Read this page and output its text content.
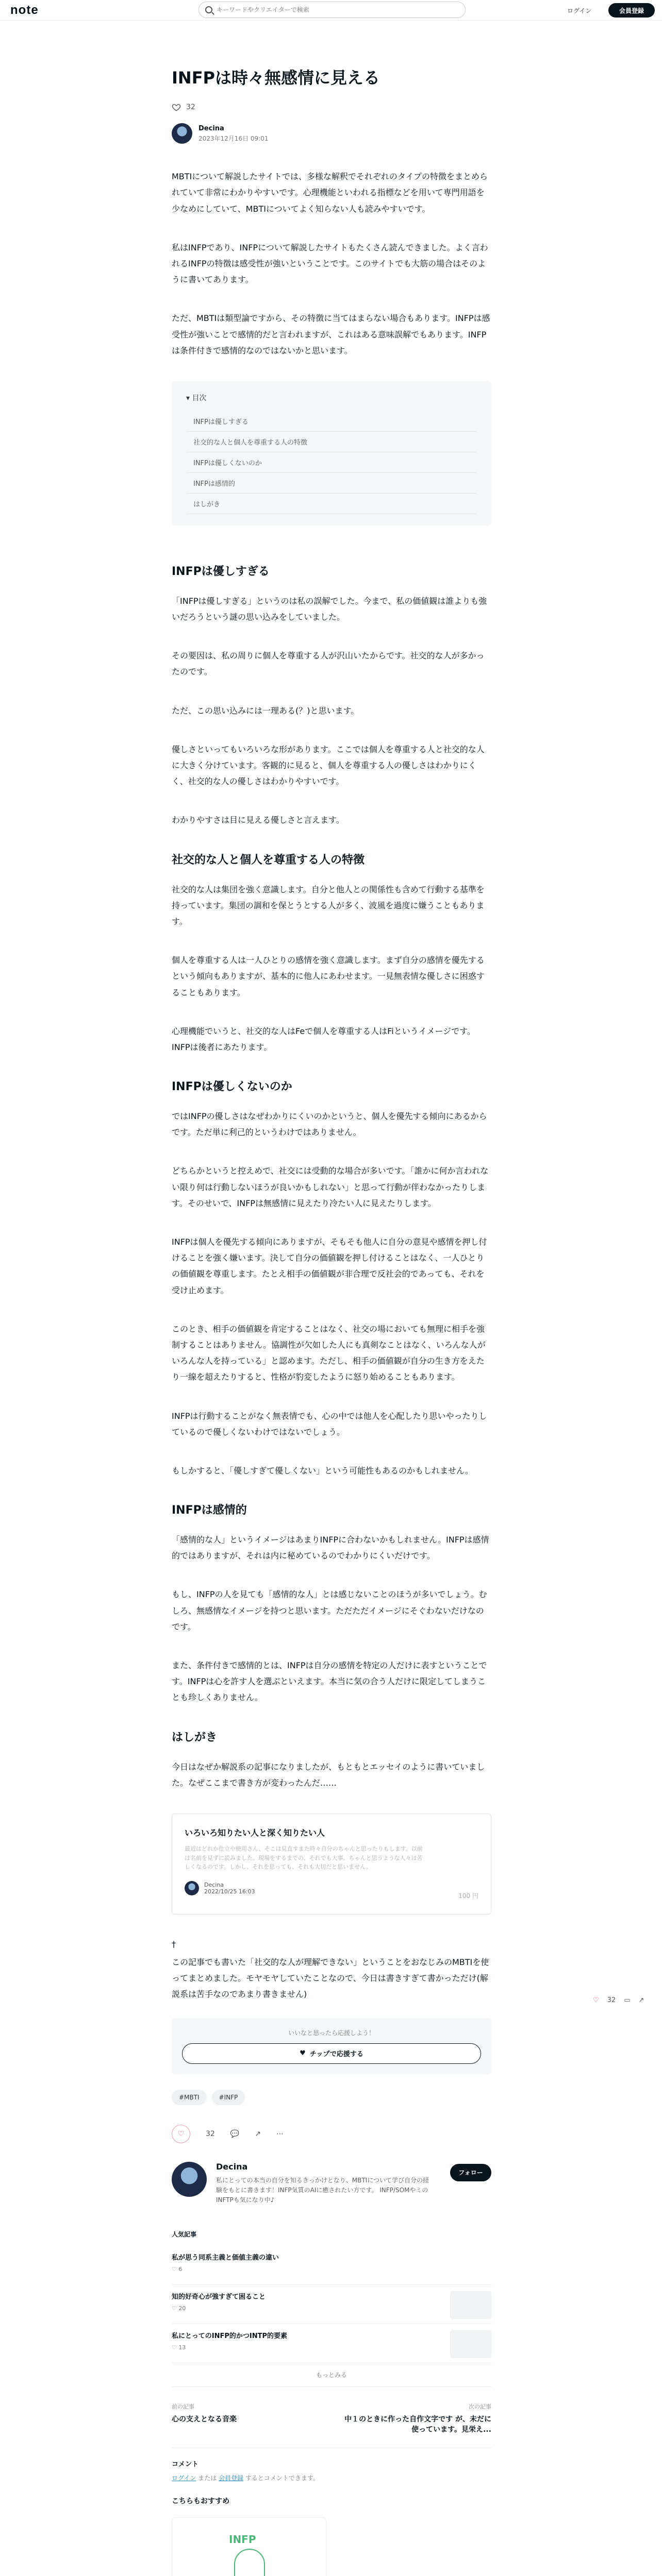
note
キーワードやクリエイターで検索	ログイン	会員登録
INFPは時々無感情に見える
32
Decina
2023年12月16日 09:01

MBTIについて解説したサイトでは、多様な解釈でそれぞれのタイプの特徴をまとめられていて非常にわかりやすいです。心理機能といわれる指標などを用いて専門用語を少なめにしていて、MBTIについてよく知らない人も読みやすいです。

私はINFPであり、INFPについて解説したサイトもたくさん読んできました。よく言われるINFPの特徴は感受性が強いということです。このサイトでも大筋の場合はそのように書いてあります。

ただ、MBTIは類型論ですから、その特徴に当てはまらない場合もあります。INFPは感受性が強いことで感情的だと言われますが、これはある意味誤解でもあります。INFPは条件付きで感情的なのではないかと思います。

▾ 目次
INFPは優しすぎる
社交的な人と個人を尊重する人の特徴
INFPは優しくないのか
INFPは感情的
はしがき
INFPは優しすぎる

「INFPは優しすぎる」というのは私の誤解でした。今まで、私の価値観は誰よりも強いだろうという謎の思い込みをしていました。

その要因は、私の周りに個人を尊重する人が沢山いたからです。社交的な人が多かったのです。

ただ、この思い込みには一理ある(？)と思います。

優しさといってもいろいろな形があります。ここでは個人を尊重する人と社交的な人に大きく分けています。客観的に見ると、個人を尊重する人の優しさはわかりにくく、社交的な人の優しさはわかりやすいです。

わかりやすさは目に見える優しさと言えます。

社交的な人と個人を尊重する人の特徴

社交的な人は集団を強く意識します。自分と他人との関係性も含めて行動する基準を持っています。集団の調和を保とうとする人が多く、波風を過度に嫌うこともあります。

個人を尊重する人は一人ひとりの感情を強く意識します。まず自分の感情を優先するという傾向もありますが、基本的に他人にあわせます。一見無表情な優しさに困惑することもあります。

心理機能でいうと、社交的な人はFeで個人を尊重する人はFiというイメージです。INFPは後者にあたります。

INFPは優しくないのか

ではINFPの優しさはなぜわかりにくいのかというと、個人を優先する傾向にあるからです。ただ単に利己的というわけではありません。

どちらかというと控えめで、社交には受動的な場合が多いです。「誰かに何か言われない限り何は行動しないほうが良いかもしれない」と思って行動が伴わなかったりします。そのせいで、INFPは無感情に見えたり冷たい人に見えたりします。

INFPは個人を優先する傾向にありますが、そもそも他人に自分の意見や感情を押し付けることを強く嫌います。決して自分の価値観を押し付けることはなく、一人ひとりの価値観を尊重します。たとえ相手の価値観が非合理で反社会的であっても、それを受け止めます。

このとき、相手の価値観を肯定することはなく、社交の場においても無理に相手を強制することはありません。協調性が欠如した人にも真剣なことはなく、いろんな人がいろんな人を持っている」と認めます。ただし、相手の価値観が自分の生き方をえたり一線を超えたりすると、性格が豹変したように怒り始めることもあります。

INFPは行動することがなく無表情でも、心の中では他人を心配したり思いやったりしているので優しくないわけではないでしょう。

もしかすると、「優しすぎて優しくない」という可能性もあるのかもしれません。

INFPは感情的

「感情的な人」というイメージはあまりINFPに合わないかもしれません。INFPは感情的ではありますが、それは内に秘めているのでわかりにくいだけです。

もし、INFPの人を見ても「感情的な人」とは感じないことのほうが多いでしょう。むしろ、無感情なイメージを持つと思います。ただただイメージにそぐわないだけなのです。

また、条件付きで感情的とは、INFPは自分の感情を特定の人だけに表すということです。INFPは心を許す人を選ぶといえます。本当に気の合う人だけに限定してしまうことも珍しくありません。

はしがき

今日はなぜか解説系の記事になりましたが、もともとエッセイのように書いていました。なぜここまで書き方が変わったんだ……

いろいろ知りたい人と深く知りたい人
最近はどれか仕立や使用さん、そこは見直すまた時々自分のちゃんと思ったりもします。以前は名前を見ずに読みました。現場をするまでの、それでも大事。ちゃんと思うような人々は苦しくなるのです。しかし、それを思っても、それも大切だと思いません。
Decina
2022/10/25 16:03
100 円
†

この記事でも書いた「社交的な人が理解できない」ということをおなじみのMBTIを使ってまとめました。モヤモヤしていたことなので、今日は書きすぎて書かっただけ(解説系は苦手なのであまり書きません)

いいなと思ったら応援しよう！
♥ チップで応援する
#MBTI	#INFP
♡	32 💬 ↗ ⋯
Decina
私にとっての本当の自分を知るきっかけとなり、MBTIについて学び自分の経験をもとに書きます！INFP気質のAIに癒されたい方です。 INFP/SOMやミのINFTPも気になり中♪
フォロー
人気記事
私が思う同系主義と価値主義の違い
♡ 6
知的好奇心が強すぎて困ること
♡ 20
私にとってのINFP的かつINTP的要素
♡ 13
もっとみる
前の記事
心の支えとなる音楽
次の記事
中１のときに作った自作文字です が、未だに使っています。見栄え...
コメント
ログイン または 会員登録 するとコメントできます。
こちらもおすすめ
INFP
♡ 32 ▭ ↗
